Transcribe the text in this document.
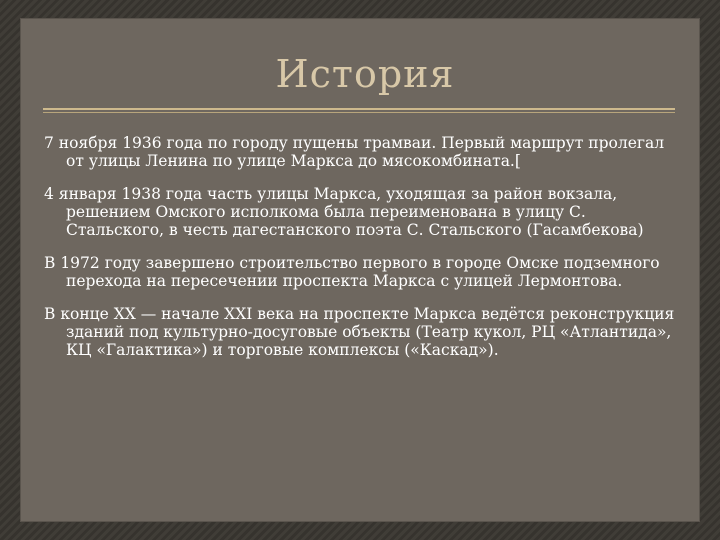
История

7 ноября 1936 года по городу пущены трамваи. Первый маршрут пролегал от улицы Ленина по улице Маркса до мясокомбината.[

4 января 1938 года часть улицы Маркса, уходящая за район вокзала, решением Омского исполкома была переименована в улицу С. Стальского, в честь дагестанского поэта С. Стальского (Гасамбекова)

В 1972 году завершено строительство первого в городе Омске подземного перехода на пересечении проспекта Маркса с улицей Лермонтова.

В конце XX — начале XXI века на проспекте Маркса ведётся реконструкция зданий под культурно-досуговые объекты (Театр кукол, РЦ «Атлантида», КЦ «Галактика») и торговые комплексы («Каскад»).
